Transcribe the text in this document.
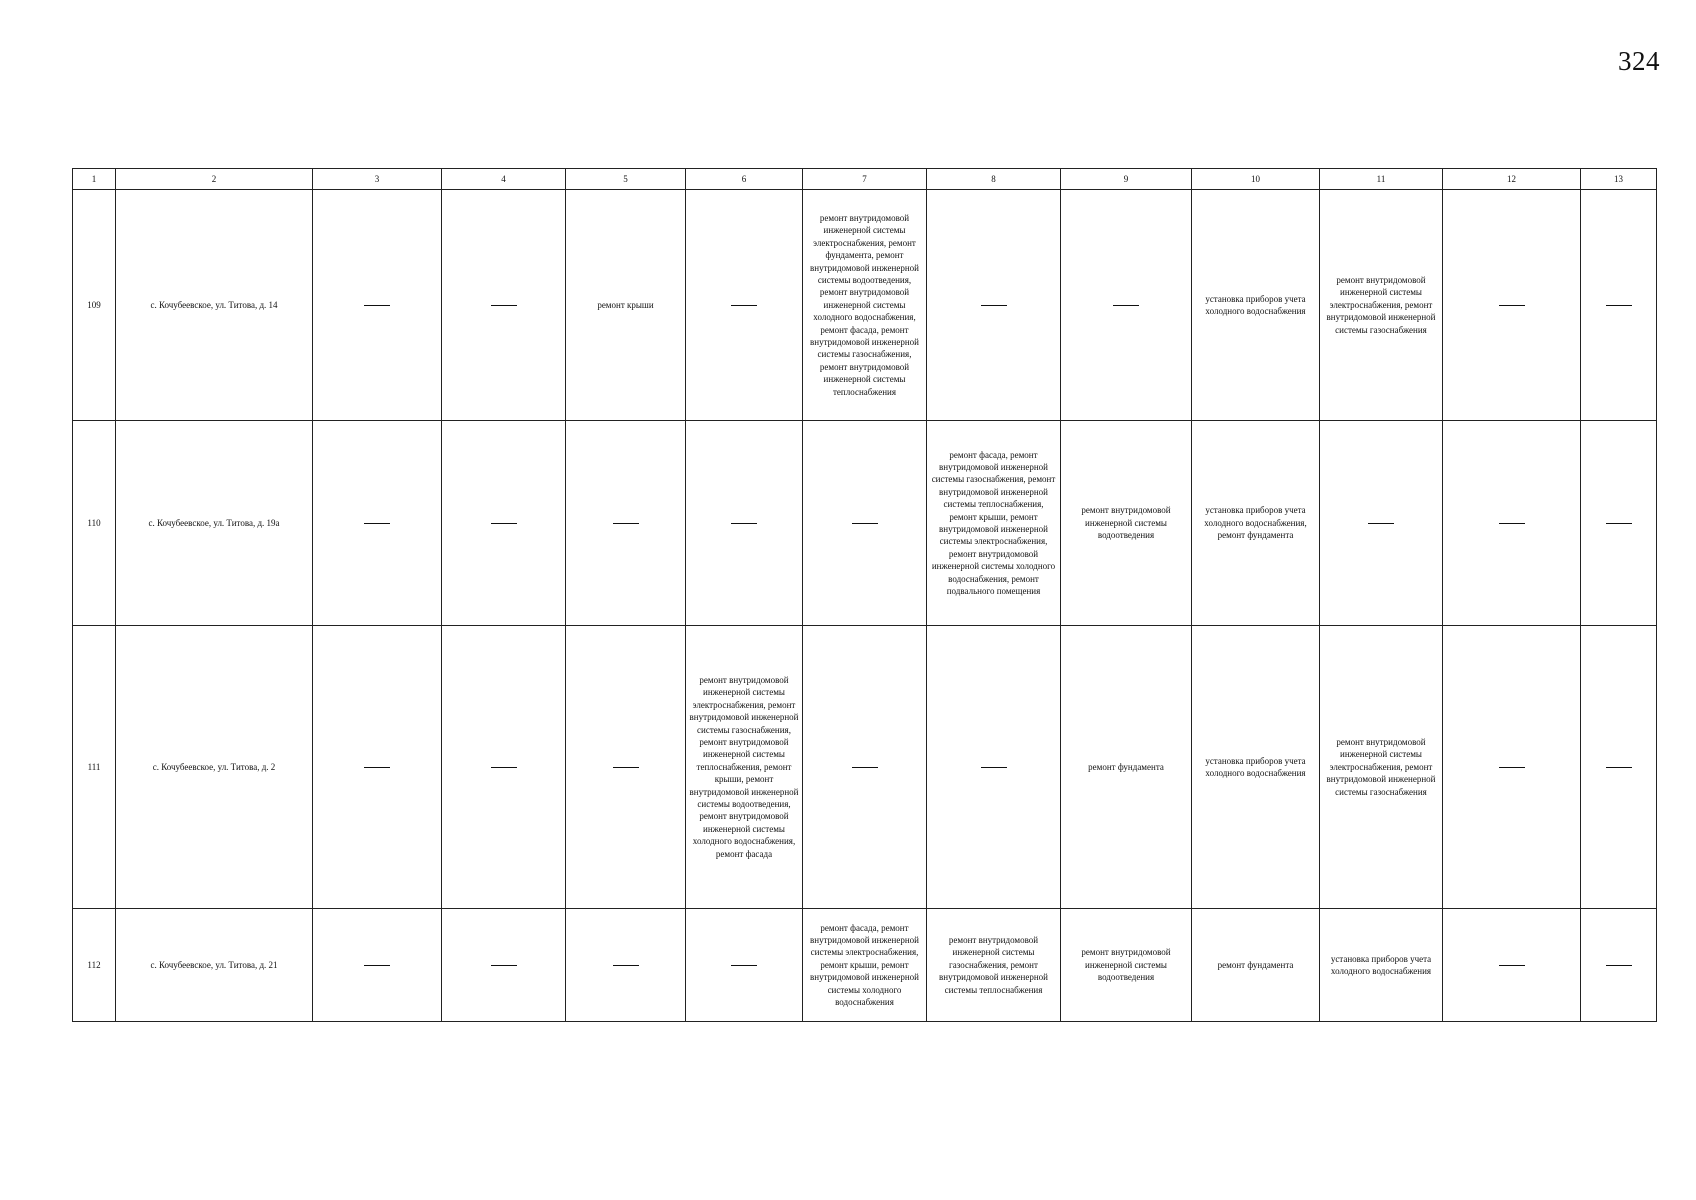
324
1	2	3	4	5	6	7	8	9	10	11	12	13
109	с. Кочубеевское, ул. Титова, д. 14			ремонт крыши		ремонт внутридомовой инженерной системы электроснабжения, ремонт фундамента, ремонт внутридомовой инженерной системы водоотведения, ремонт внутридомовой инженерной системы холодного водоснабжения, ремонт фасада, ремонт внутридомовой инженерной системы газоснабжения, ремонт внутридомовой инженерной системы теплоснабжения			установка приборов учета холодного водоснабжения	ремонт внутридомовой инженерной системы электроснабжения, ремонт внутридомовой инженерной системы газоснабжения		
110	с. Кочубеевское, ул. Титова, д. 19а						ремонт фасада, ремонт внутридомовой инженерной системы газоснабжения, ремонт внутридомовой инженерной системы теплоснабжения, ремонт крыши, ремонт внутридомовой инженерной системы электроснабжения, ремонт внутридомовой инженерной системы холодного водоснабжения, ремонт подвального помещения	ремонт внутридомовой инженерной системы водоотведения	установка приборов учета холодного водоснабжения, ремонт фундамента			
111	с. Кочубеевское, ул. Титова, д. 2				ремонт внутридомовой инженерной системы электроснабжения, ремонт внутридомовой инженерной системы газоснабжения, ремонт внутридомовой инженерной системы теплоснабжения, ремонт крыши, ремонт внутридомовой инженерной системы водоотведения, ремонт внутридомовой инженерной системы холодного водоснабжения, ремонт фасада			ремонт фундамента	установка приборов учета холодного водоснабжения	ремонт внутридомовой инженерной системы электроснабжения, ремонт внутридомовой инженерной системы газоснабжения		
112	с. Кочубеевское, ул. Титова, д. 21					ремонт фасада, ремонт внутридомовой инженерной системы электроснабжения, ремонт крыши, ремонт внутридомовой инженерной системы холодного водоснабжения	ремонт внутридомовой инженерной системы газоснабжения, ремонт внутридомовой инженерной системы теплоснабжения	ремонт внутридомовой инженерной системы водоотведения	ремонт фундамента	установка приборов учета холодного водоснабжения		
